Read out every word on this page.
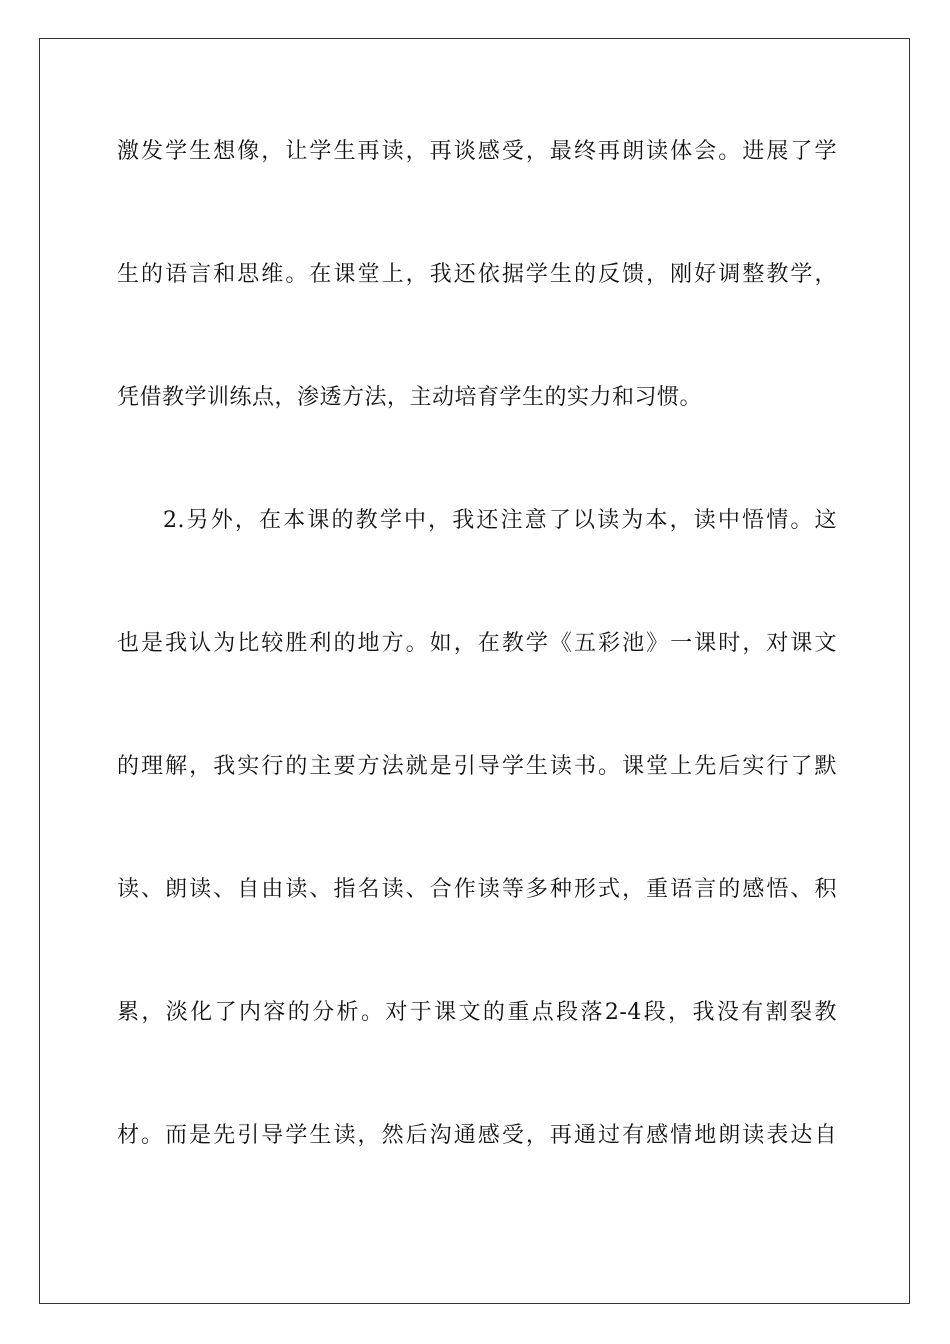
激发学生想像，让学生再读，再谈感受，最终再朗读体会。进展了学
生的语言和思维。在课堂上，我还依据学生的反馈，刚好调整教学，
凭借教学训练点，渗透方法，主动培育学生的实力和习惯。
2.另外，在本课的教学中，我还注意了以读为本，读中悟情。这
也是我认为比较胜利的地方。如，在教学《五彩池》一课时，对课文
的理解，我实行的主要方法就是引导学生读书。课堂上先后实行了默
读、朗读、自由读、指名读、合作读等多种形式，重语言的感悟、积
累，淡化了内容的分析。对于课文的重点段落2-4段，我没有割裂教
材。而是先引导学生读，然后沟通感受，再通过有感情地朗读表达自
